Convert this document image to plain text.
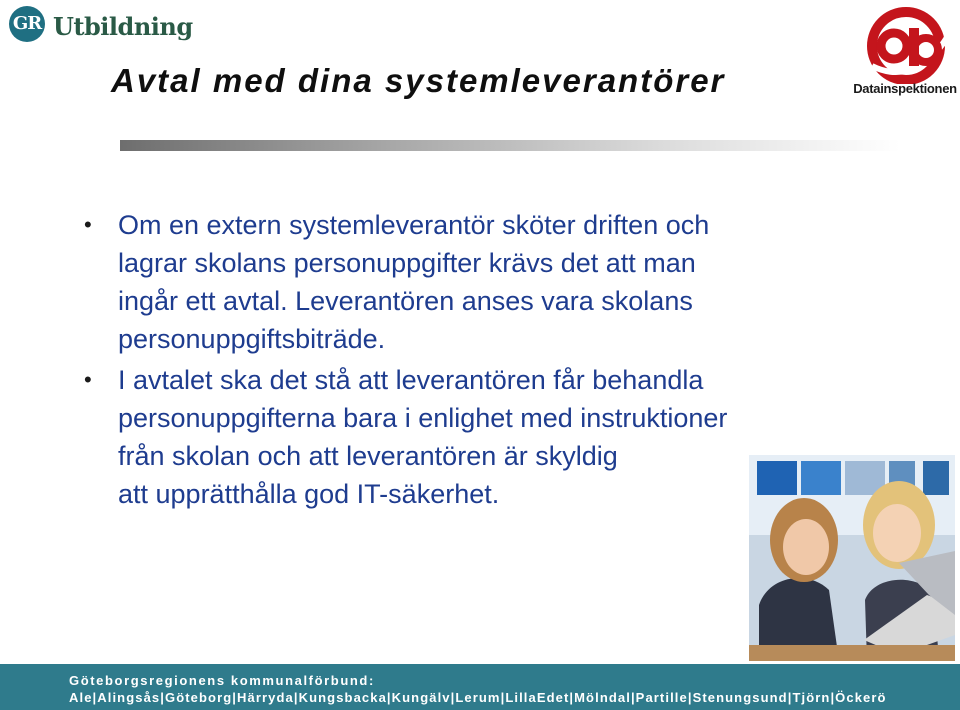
GR Utbildning
Datainspektionen
Avtal med dina systemleverantörer
• Om en extern systemleverantör sköter driften och
lagrar skolans personuppgifter krävs det att man
ingår ett avtal. Leverantören anses vara skolans
personuppgiftsbiträde.
• I avtalet ska det stå att leverantören får behandla
personuppgifterna bara i enlighet med instruktioner
från skolan och att leverantören är skyldig
att upprätthålla god IT-säkerhet.
Göteborgsregionens kommunalförbund:
Ale|Alingsås|Göteborg|Härryda|Kungsbacka|Kungälv|Lerum|LillaEdet|Mölndal|Partille|Stenungsund|Tjörn|Öckerö
